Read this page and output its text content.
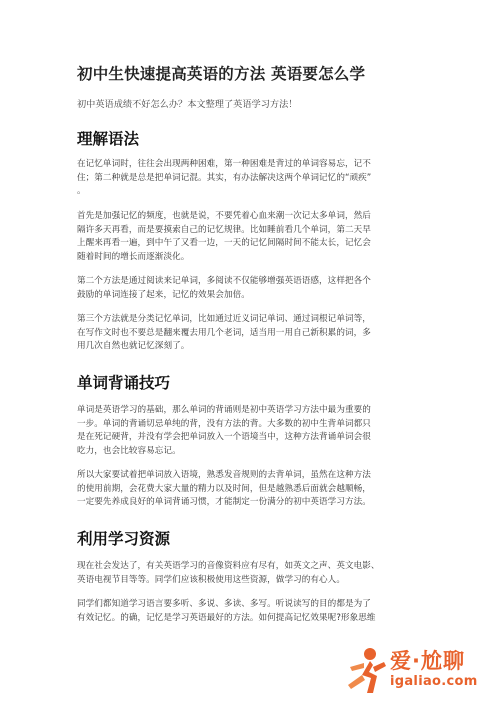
初中生快速提高英语的方法 英语要怎么学

初中英语成绩不好怎么办？本文整理了英语学习方法！

理解语法

在记忆单词时，往往会出现两种困难，第一种困难是背过的单词容易忘，记不
住；第二种就是总是把单词记混。其实，有办法解决这两个单词记忆的“顽疾”
。

首先是加强记忆的频度，也就是说，不要凭着心血来潮一次记太多单词，然后
隔许多天再看，而是要摸索自己的记忆规律。比如睡前看几个单词，第二天早
上醒来再看一遍，到中午了又看一边，一天的记忆间隔时间不能太长，记忆会
随着时间的增长而逐渐淡化。

第二个方法是通过阅读来记单词，多阅读不仅能够增强英语语感，这样把各个
鼓励的单词连接了起来，记忆的效果会加倍。

第三个方法就是分类记忆单词，比如通过近义词记单词、通过词根记单词等，
在写作文时也不要总是翻来覆去用几个老词，适当用一用自己新积累的词，多
用几次自然也就记忆深刻了。

单词背诵技巧

单词是英语学习的基础，那么单词的背诵则是初中英语学习方法中最为重要的
一步。单词的背诵切忌单纯的背，没有方法的背。大多数的初中生背单词都只
是在死记硬背，并没有学会把单词放入一个语境当中，这种方法背诵单词会很
吃力，也会比较容易忘记。

所以大家要试着把单词放入语境，熟悉发音规则的去背单词，虽然在这种方法
的使用前期，会花费大家大量的精力以及时间，但是越熟悉后面就会越顺畅，
一定要先养成良好的单词背诵习惯，才能制定一份满分的初中英语学习方法。

利用学习资源

现在社会发达了，有关英语学习的音像资料应有尽有，如英文之声、英文电影、
英语电视节目等等。同学们应该积极使用这些资源，做学习的有心人。

同学们都知道学习语言要多听、多说、多读、多写。听说读写的目的都是为了
有效记忆。的确，记忆是学习英语最好的方法。如何提高记忆效果呢?形象思维

爱·尬聊
igaliao.com
